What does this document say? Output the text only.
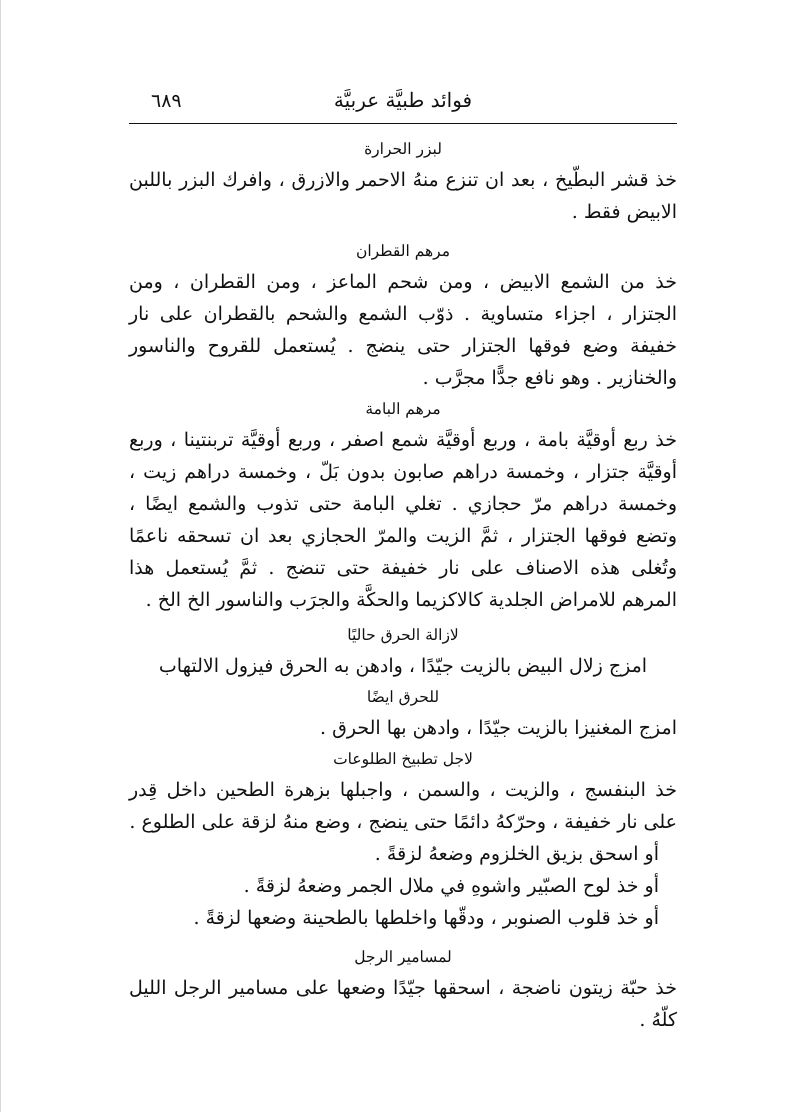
٦٨٩	فوائد طبيَّة عربيَّة

لبزر الحرارة

خذ قشر البطّيخ ، بعد ان تنزع منهُ الاحمر والازرق ، وافرك البزر باللبن الابيض فقط .

مرهم القطران

خذ من الشمع الابيض ، ومن شحم الماعز ، ومن القطران ، ومن الجتزار ، اجزاء متساوية . ذوّب الشمع والشحم بالقطران على نار خفيفة وضع فوقها الجتزار حتى ينضج . يُستعمل للقروح والناسور والخنازير . وهو نافع جدًّا مجرَّب .

مرهم البامة

خذ ربع أوقيَّة بامة ، وربع أوقيَّة شمع اصفر ، وربع أوقيَّة تربنتينا ، وربع أوقيَّة جتزار ، وخمسة دراهم صابون بدون بَلّ ، وخمسة دراهم زيت ، وخمسة دراهم مرّ حجازي . تغلي البامة حتى تذوب والشمع ايضًا ، وتضع فوقها الجتزار ، ثمَّ الزيت والمرّ الحجازي بعد ان تسحقه ناعمًا وتُغلى هذه الاصناف على نار خفيفة حتى تنضج . ثمَّ يُستعمل هذا المرهم للامراض الجلدية كالاكزيما والحكَّة والجرَب والناسور الخ الخ .

لازالة الحرق حاليًا

امزج زلال البيض بالزيت جيّدًا ، وادهن به الحرق فيزول الالتهاب

للحرق ايضًا

امزج المغنيزا بالزيت جيّدًا ، وادهن بها الحرق .

لاجل تطبيخ الطلوعات

خذ البنفسج ، والزيت ، والسمن ، واجبلها بزهرة الطحين داخل قِدر على نار خفيفة ، وحرّكهُ دائمًا حتى ينضج ، وضع منهُ لزقة على الطلوع .

أو اسحق بزيق الخلزوم وضعهُ لزقةً .

أو خذ لوح الصبّير واشوهِ في ملال الجمر وضعهُ لزقةً .

أو خذ قلوب الصنوبر ، ودقّها واخلطها بالطحينة وضعها لزقةً .

لمسامير الرجل

خذ حبّة زيتون ناضجة ، اسحقها جيّدًا وضعها على مسامير الرجل الليل كلّهُ .
